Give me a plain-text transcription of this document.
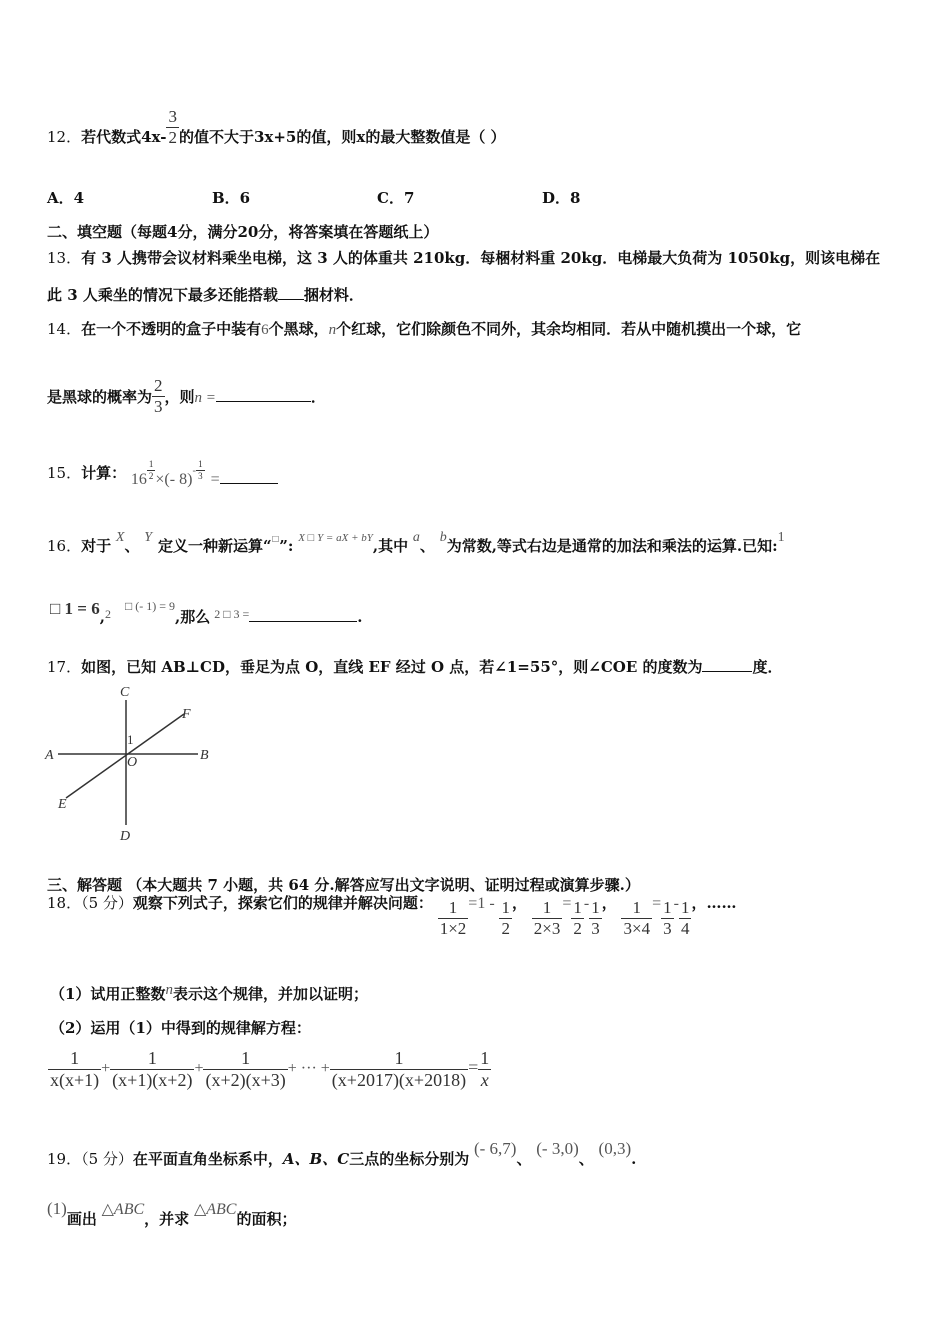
12．若代数式$4x- \frac{3}{2}$ 的值不大于3x+5的值，则x的最大整数值是（ ）
A．4	B．6	C．7	D．8
二、填空题（每题4分，满分20分，将答案填在答题纸上）
13．有 3 人携带会议材料乘坐电梯，这 3 人的体重共 210kg．每梱材料重 20kg．电梯最大负荷为 1050kg，则该电梯在
此 3 人乘坐的情况下最多还能搭载 捆材料．
14．在一个不透明的盒子中装有6个黑球，n个红球，它们除颜色不同外，其余均相同．若从中随机摸出一个球，它
是黑球的概率为 $\frac{2}{3}$ ，则n =	．
15．计算： $16 \frac{1}{2}$ ×(- $8)^- \frac{1}{3}$ =
16．对于 X、 Y 定义一种新运算“□”: X □ Y = aX + bY,其中 a、 b为常数,等式右边是通常的加法和乘法的运算.已知:1
□ $1 = 6,_2□$ (- 1) = 9,那么 $_{2 □ 3 =}$	.
17．如图，已知 AB⊥CD，垂足为点 O，直线 EF 经过 O 点，若∠1=55°，则∠COE 的度数为	度．
C
F
1
A	O	B
E
D
三、解答题 （本大题共 7 小题，共 64 分.解答应写出文字说明、证明过程或演算步骤.）
18．（5 分）观察下列式子，探索它们的规律并解决问题： $\frac{1}{1\times 2} =1 - \frac{1}{2}$ ， $\frac{1}{2\times 3} = \frac{1}{2} - \frac{1}{3}$ ， $\frac{1}{3\times 4} = \frac{1}{3} - \frac{1}{4}$ ，……
（1）试用正整数n表示这个规律，并加以证明；
（2）运用（1）中得到的规律解方程：
$\frac{1}{x(x+1)} + \frac{1}{(x+1)(x+2)} + \frac{1}{(x+2)(x+3)}$ + ··· + $\frac{1}{(x+2017)(x+2018)} = \frac{1}{x}$
19．（5 分）在平面直角坐标系中，A、B、C三点的坐标分别为 (- 6,7)、 (- 3,0)、 (0,3).
(1)画出 △ABC，并求 △ABC的面积；
